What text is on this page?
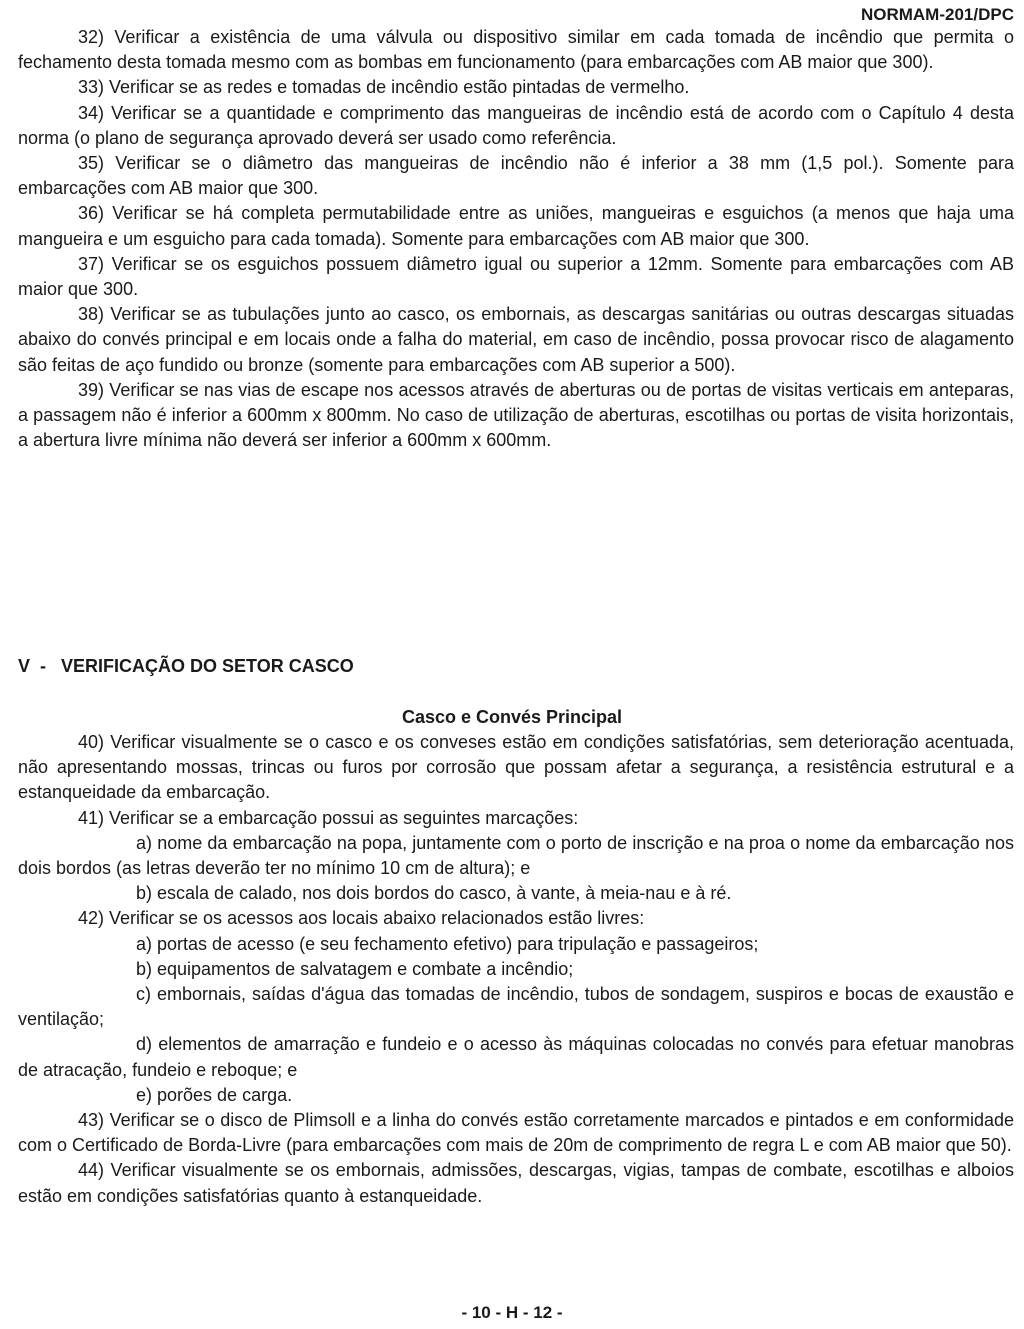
NORMAM-201/DPC

32) Verificar a existência de uma válvula ou dispositivo similar em cada tomada de incêndio que permita o fechamento desta tomada mesmo com as bombas em funcionamento (para embarcações com AB maior que 300).

33) Verificar se as redes e tomadas de incêndio estão pintadas de vermelho.

34) Verificar se a quantidade e comprimento das mangueiras de incêndio está de acordo com o Capítulo 4 desta norma (o plano de segurança aprovado deverá ser usado como referência.

35) Verificar se o diâmetro das mangueiras de incêndio não é inferior a 38 mm (1,5 pol.). Somente para embarcações com AB maior que 300.

36) Verificar se há completa permutabilidade entre as uniões, mangueiras e esguichos (a menos que haja uma mangueira e um esguicho para cada tomada). Somente para embarcações com AB maior que 300.

37) Verificar se os esguichos possuem diâmetro igual ou superior a 12mm. Somente para embarcações com AB maior que 300.

38) Verificar se as tubulações junto ao casco, os embornais, as descargas sanitárias ou outras descargas situadas abaixo do convés principal e em locais onde a falha do material, em caso de incêndio, possa provocar risco de alagamento são feitas de aço fundido ou bronze (somente para embarcações com AB superior a 500).

39) Verificar se nas vias de escape nos acessos através de aberturas ou de portas de visitas verticais em anteparas, a passagem não é inferior a 600mm x 800mm. No caso de utilização de aberturas, escotilhas ou portas de visita horizontais, a abertura livre mínima não deverá ser inferior a 600mm x 600mm.

V  -   VERIFICAÇÃO DO SETOR CASCO
Casco e Convés Principal

40) Verificar visualmente se o casco e os conveses estão em condições satisfatórias, sem deterioração acentuada, não apresentando mossas, trincas ou furos por corrosão que possam afetar a segurança, a resistência estrutural e a estanqueidade da embarcação.

41) Verificar se a embarcação possui as seguintes marcações:

a) nome da embarcação na popa, juntamente com o porto de inscrição e na proa o nome da embarcação nos dois bordos (as letras deverão ter no mínimo 10 cm de altura); e

b) escala de calado, nos dois bordos do casco, à vante, à meia-nau e à ré.

42) Verificar se os acessos aos locais abaixo relacionados estão livres:

a) portas de acesso (e seu fechamento efetivo) para tripulação e passageiros;

b) equipamentos de salvatagem e combate a incêndio;

c) embornais, saídas d'água das tomadas de incêndio, tubos de sondagem, suspiros e bocas de exaustão e ventilação;

d) elementos de amarração e fundeio e o acesso às máquinas colocadas no convés para efetuar manobras de atracação, fundeio e reboque; e

e) porões de carga.

43) Verificar se o disco de Plimsoll e a linha do convés estão corretamente marcados e pintados e em conformidade com o Certificado de Borda-Livre (para embarcações com mais de 20m de comprimento de regra L e com AB maior que 50).

44) Verificar visualmente se os embornais, admissões, descargas, vigias, tampas de combate, escotilhas e alboios estão em condições satisfatórias quanto à estanqueidade.

- 10 - H - 12 -
